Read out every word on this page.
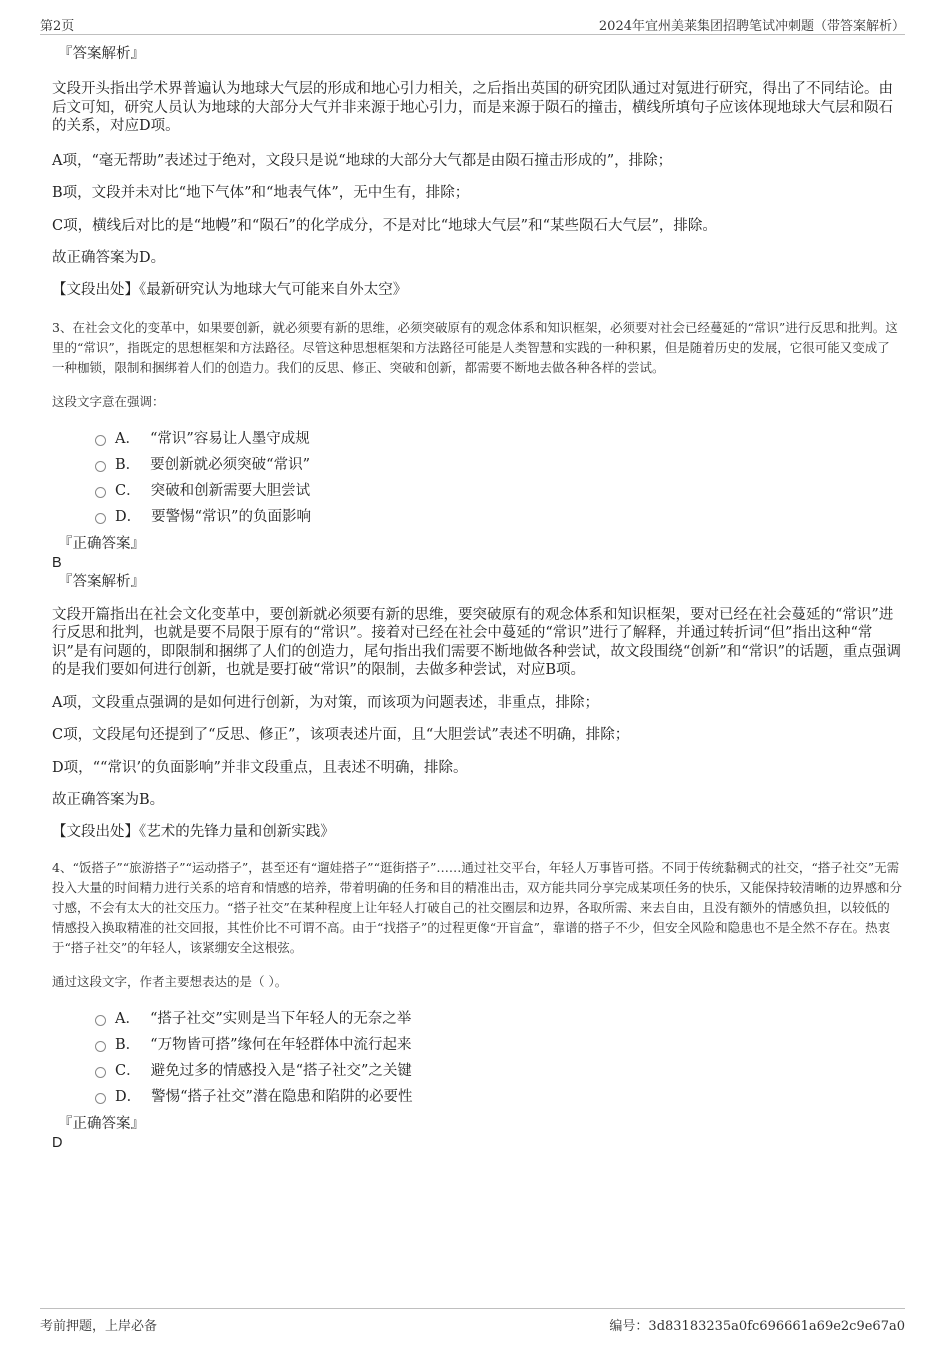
第2页	2024年宜州美莱集团招聘笔试冲刺题（带答案解析）

『答案解析』

文段开头指出学术界普遍认为地球大气层的形成和地心引力相关，之后指出英国的研究团队通过对氪进行研究，得出了不同结论。由后文可知，研究人员认为地球的大部分大气并非来源于地心引力，而是来源于陨石的撞击，横线所填句子应该体现地球大气层和陨石的关系，对应D项。

A项，“毫无帮助”表述过于绝对，文段只是说“地球的大部分大气都是由陨石撞击形成的”，排除；

B项，文段并未对比“地下气体”和“地表气体”，无中生有，排除；

C项，横线后对比的是“地幔”和“陨石”的化学成分，不是对比“地球大气层”和“某些陨石大气层”，排除。

故正确答案为D。

【文段出处】《最新研究认为地球大气可能来自外太空》

3、在社会文化的变革中，如果要创新，就必须要有新的思维，必须突破原有的观念体系和知识框架，必须要对社会已经蔓延的“常识”进行反思和批判。这里的“常识”，指既定的思想框架和方法路径。尽管这种思想框架和方法路径可能是人类智慧和实践的一种积累，但是随着历史的发展，它很可能又变成了一种枷锁，限制和捆绑着人们的创造力。我们的反思、修正、突破和创新，都需要不断地去做各种各样的尝试。

这段文字意在强调：

A． “常识”容易让人墨守成规
B． 要创新就必须突破“常识”
C． 突破和创新需要大胆尝试
D． 要警惕“常识”的负面影响

『正确答案』

B

『答案解析』

文段开篇指出在社会文化变革中，要创新就必须要有新的思维，要突破原有的观念体系和知识框架，要对已经在社会蔓延的“常识”进行反思和批判，也就是要不局限于原有的“常识”。接着对已经在社会中蔓延的“常识”进行了解释，并通过转折词“但”指出这种“常识”是有问题的，即限制和捆绑了人们的创造力，尾句指出我们需要不断地做各种尝试，故文段围绕“创新”和“常识”的话题，重点强调的是我们要如何进行创新，也就是要打破“常识”的限制，去做多种尝试，对应B项。

A项，文段重点强调的是如何进行创新，为对策，而该项为问题表述，非重点，排除；

C项，文段尾句还提到了“反思、修正”，该项表述片面，且“大胆尝试”表述不明确，排除；

D项，““常识’的负面影响”并非文段重点，且表述不明确，排除。

故正确答案为B。

【文段出处】《艺术的先锋力量和创新实践》

4、“饭搭子”“旅游搭子”“运动搭子”，甚至还有“遛娃搭子”“逛街搭子”……通过社交平台，年轻人万事皆可搭。不同于传统黏稠式的社交，“搭子社交”无需投入大量的时间精力进行关系的培育和情感的培养，带着明确的任务和目的精准出击，双方能共同分享完成某项任务的快乐，又能保持较清晰的边界感和分寸感，不会有太大的社交压力。“搭子社交”在某种程度上让年轻人打破自己的社交圈层和边界，各取所需、来去自由，且没有额外的情感负担，以较低的情感投入换取精准的社交回报，其性价比不可谓不高。由于“找搭子”的过程更像“开盲盒”，靠谱的搭子不少，但安全风险和隐患也不是全然不存在。热衷于“搭子社交”的年轻人，该紧绷安全这根弦。

通过这段文字，作者主要想表达的是（ ）。

A． “搭子社交”实则是当下年轻人的无奈之举
B． “万物皆可搭”缘何在年轻群体中流行起来
C． 避免过多的情感投入是“搭子社交”之关键
D． 警惕“搭子社交”潜在隐患和陷阱的必要性

『正确答案』

D

考前押题，上岸必备	编号：3d83183235a0fc696661a69e2c9e67a0
